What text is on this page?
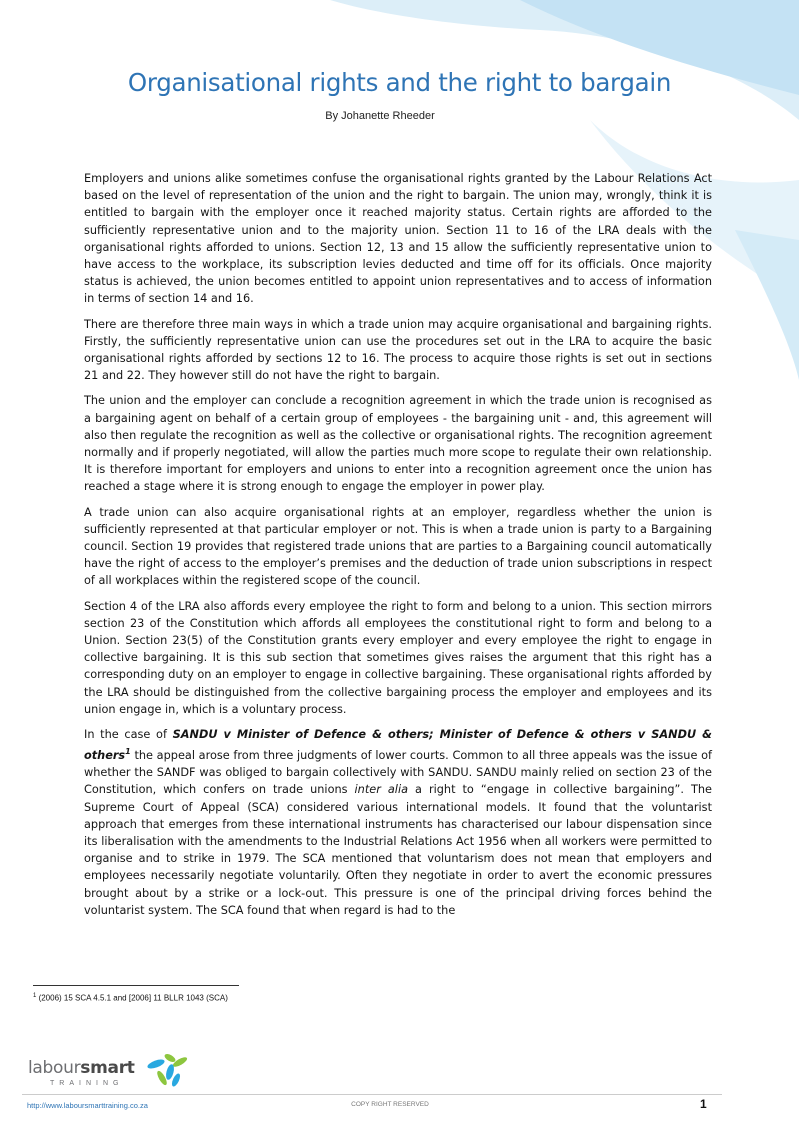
Organisational rights and the right to bargain
By Johanette Rheeder

Employers and unions alike sometimes confuse the organisational rights granted by the Labour Relations Act based on the level of representation of the union and the right to bargain. The union may, wrongly, think it is entitled to bargain with the employer once it reached majority status. Certain rights are afforded to the sufficiently representative union and to the majority union. Section 11 to 16 of the LRA deals with the organisational rights afforded to unions. Section 12, 13 and 15 allow the sufficiently representative union to have access to the workplace, its subscription levies deducted and time off for its officials. Once majority status is achieved, the union becomes entitled to appoint union representatives and to access of information in terms of section 14 and 16.

There are therefore three main ways in which a trade union may acquire organisational and bargaining rights. Firstly, the sufficiently representative union can use the procedures set out in the LRA to acquire the basic organisational rights afforded by sections 12 to 16. The process to acquire those rights is set out in sections 21 and 22. They however still do not have the right to bargain.

The union and the employer can conclude a recognition agreement in which the trade union is recognised as a bargaining agent on behalf of a certain group of employees - the bargaining unit - and, this agreement will also then regulate the recognition as well as the collective or organisational rights. The recognition agreement normally and if properly negotiated, will allow the parties much more scope to regulate their own relationship. It is therefore important for employers and unions to enter into a recognition agreement once the union has reached a stage where it is strong enough to engage the employer in power play.

A trade union can also acquire organisational rights at an employer, regardless whether the union is sufficiently represented at that particular employer or not. This is when a trade union is party to a Bargaining council. Section 19 provides that registered trade unions that are parties to a Bargaining council automatically have the right of access to the employer’s premises and the deduction of trade union subscriptions in respect of all workplaces within the registered scope of the council.

Section 4 of the LRA also affords every employee the right to form and belong to a union. This section mirrors section 23 of the Constitution which affords all employees the constitutional right to form and belong to a Union. Section 23(5) of the Constitution grants every employer and every employee the right to engage in collective bargaining. It is this sub section that sometimes gives raises the argument that this right has a corresponding duty on an employer to engage in collective bargaining. These organisational rights afforded by the LRA should be distinguished from the collective bargaining process the employer and employees and its union engage in, which is a voluntary process.

In the case of SANDU v Minister of Defence & others; Minister of Defence & others v SANDU & others$^1$ the appeal arose from three judgments of lower courts. Common to all three appeals was the issue of whether the SANDF was obliged to bargain collectively with SANDU. SANDU mainly relied on section 23 of the Constitution, which confers on trade unions inter alia a right to “engage in collective bargaining”. The Supreme Court of Appeal (SCA) considered various international models. It found that the voluntarist approach that emerges from these international instruments has characterised our labour dispensation since its liberalisation with the amendments to the Industrial Relations Act 1956 when all workers were permitted to organise and to strike in 1979. The SCA mentioned that voluntarism does not mean that employers and employees necessarily negotiate voluntarily. Often they negotiate in order to avert the economic pressures brought about by a strike or a lock-out. This pressure is one of the principal driving forces behind the voluntarist system. The SCA found that when regard is had to the

$^1$ (2006) 15 SCA 4.5.1 and [2006] 11 BLLR 1043 (SCA)
laboursmart
TRAINING
http://www.laboursmarttraining.co.za	COPY RIGHT RESERVED	1
